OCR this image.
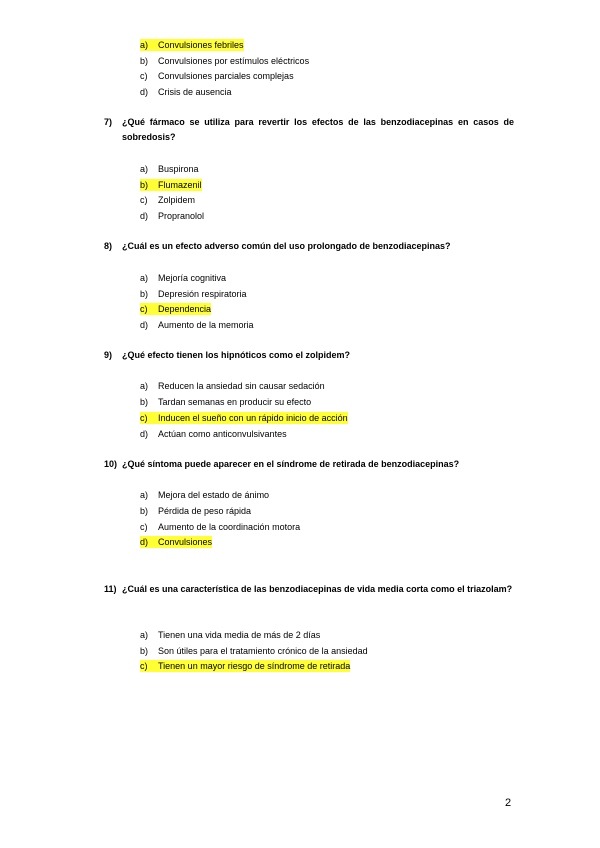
a)	Convulsiones febriles
b)	Convulsiones por estímulos eléctricos
c)	Convulsiones parciales complejas
d)	Crisis de ausencia
7) ¿Qué fármaco se utiliza para revertir los efectos de las benzodiacepinas en casos de sobredosis?
a)	Buspirona
b)	Flumazenil
c)	Zolpidem
d)	Propranolol
8) ¿Cuál es un efecto adverso común del uso prolongado de benzodiacepinas?
a)	Mejoría cognitiva
b)	Depresión respiratoria
c)	Dependencia
d)	Aumento de la memoria
9) ¿Qué efecto tienen los hipnóticos como el zolpidem?
a)	Reducen la ansiedad sin causar sedación
b)	Tardan semanas en producir su efecto
c)	Inducen el sueño con un rápido inicio de acción
d)	Actúan como anticonvulsivantes
10) ¿Qué síntoma puede aparecer en el síndrome de retirada de benzodiacepinas?
a)	Mejora del estado de ánimo
b)	Pérdida de peso rápida
c)	Aumento de la coordinación motora
d)	Convulsiones
11) ¿Cuál es una característica de las benzodiacepinas de vida media corta como el triazolam?
a)	Tienen una vida media de más de 2 días
b)	Son útiles para el tratamiento crónico de la ansiedad
c)	Tienen un mayor riesgo de síndrome de retirada
2
